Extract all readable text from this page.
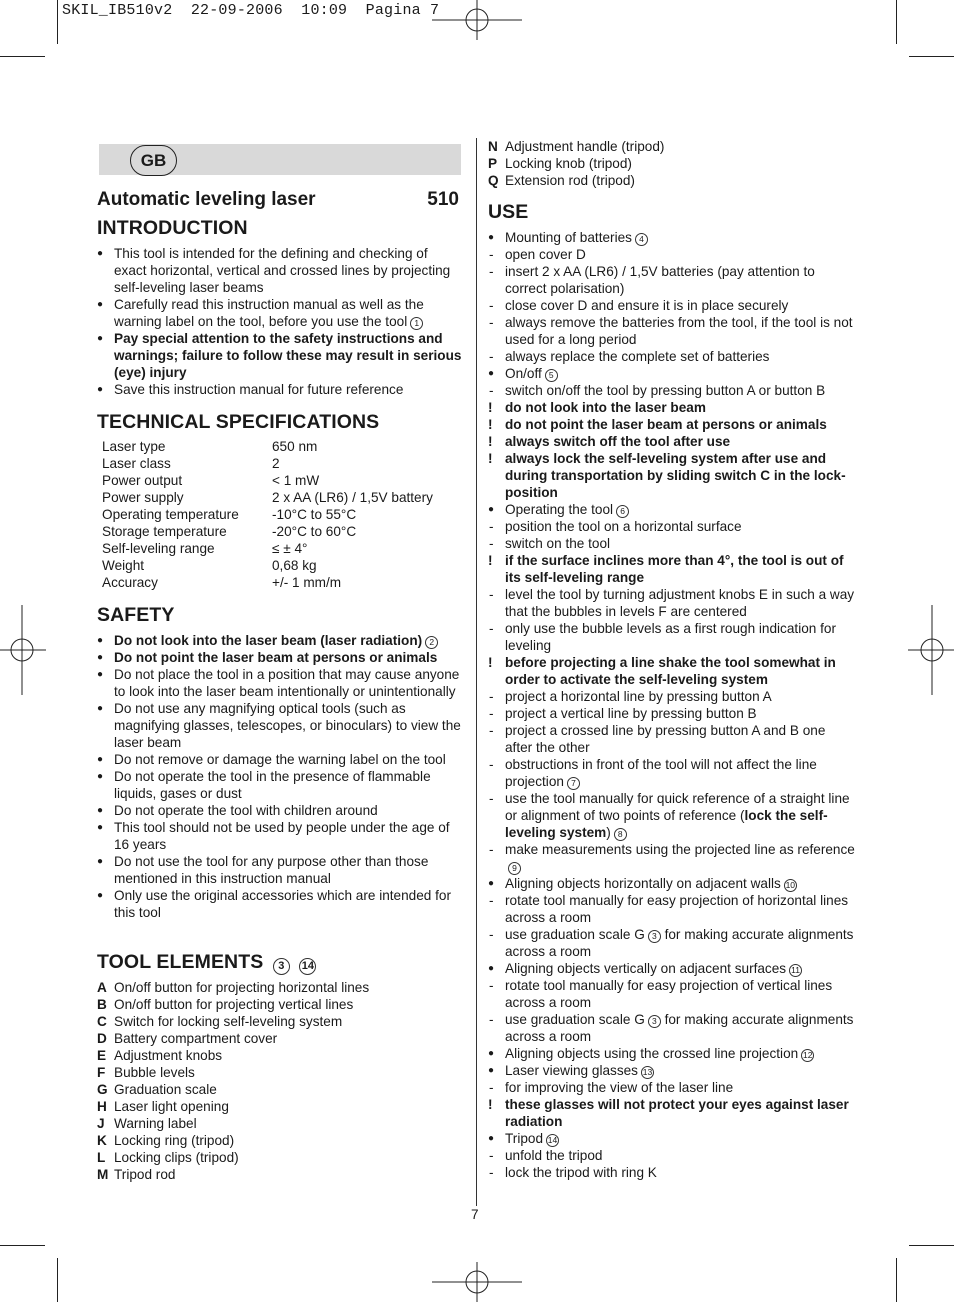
SKIL_IB510v2  22-09-2006  10:09  Pagina 7
GB
Automatic leveling laser	510
INTRODUCTION
● This tool is intended for the defining and checking of exact horizontal, vertical and crossed lines by projecting self-leveling laser beams
● Carefully read this instruction manual as well as the warning label on the tool, before you use the tool 1
● Pay special attention to the safety instructions and warnings; failure to follow these may result in serious (eye) injury
● Save this instruction manual for future reference
TECHNICAL SPECIFICATIONS
Laser type	650 nm
Laser class	2
Power output	< 1 mW
Power supply	2 x AA (LR6) / 1,5V battery
Operating temperature	-10°C to 55°C
Storage temperature	-20°C to 60°C
Self-leveling range	≤ ± 4°
Weight	0,68 kg
Accuracy	+/- 1 mm/m
SAFETY
● Do not look into the laser beam (laser radiation) 2
● Do not point the laser beam at persons or animals
● Do not place the tool in a position that may cause anyone to look into the laser beam intentionally or unintentionally
● Do not use any magnifying optical tools (such as magnifying glasses, telescopes, or binoculars) to view the laser beam
● Do not remove or damage the warning label on the tool
● Do not operate the tool in the presence of flammable liquids, gases or dust
● Do not operate the tool with children around
● This tool should not be used by people under the age of 16 years
● Do not use the tool for any purpose other than those mentioned in this instruction manual
● Only use the original accessories which are intended for this tool
TOOL ELEMENTS 3 14
A On/off button for projecting horizontal lines
B On/off button for projecting vertical lines
C Switch for locking self-leveling system
D Battery compartment cover
E Adjustment knobs
F Bubble levels
G Graduation scale
H Laser light opening
J Warning label
K Locking ring (tripod)
L Locking clips (tripod)
M Tripod rod
N Adjustment handle (tripod)
P Locking knob (tripod)
Q Extension rod (tripod)
USE
● Mounting of batteries 4
- open cover D
- insert 2 x AA (LR6) / 1,5V batteries (pay attention to correct polarisation)
- close cover D and ensure it is in place securely
- always remove the batteries from the tool, if the tool is not used for a long period
- always replace the complete set of batteries
● On/off 5
- switch on/off the tool by pressing button A or button B
! do not look into the laser beam
! do not point the laser beam at persons or animals
! always switch off the tool after use
! always lock the self-leveling system after use and during transportation by sliding switch C in the lock-position
● Operating the tool 6
- position the tool on a horizontal surface
- switch on the tool
! if the surface inclines more than 4°, the tool is out of its self-leveling range
- level the tool by turning adjustment knobs E in such a way that the bubbles in levels F are centered
- only use the bubble levels as a first rough indication for leveling
! before projecting a line shake the tool somewhat in order to activate the self-leveling system
- project a horizontal line by pressing button A
- project a vertical line by pressing button B
- project a crossed line by pressing button A and B one after the other
- obstructions in front of the tool will not affect the line projection 7
- use the tool manually for quick reference of a straight line or alignment of two points of reference (lock the self-leveling system) 8
- make measurements using the projected line as reference9
● Aligning objects horizontally on adjacent walls 10
- rotate tool manually for easy projection of horizontal lines across a room
- use graduation scale G 3 for making accurate alignments across a room
● Aligning objects vertically on adjacent surfaces 11
- rotate tool manually for easy projection of vertical lines across a room
- use graduation scale G 3 for making accurate alignments across a room
● Aligning objects using the crossed line projection 12
● Laser viewing glasses 13
- for improving the view of the laser line
! these glasses will not protect your eyes against laser radiation
● Tripod 14
- unfold the tripod
- lock the tripod with ring K
7
